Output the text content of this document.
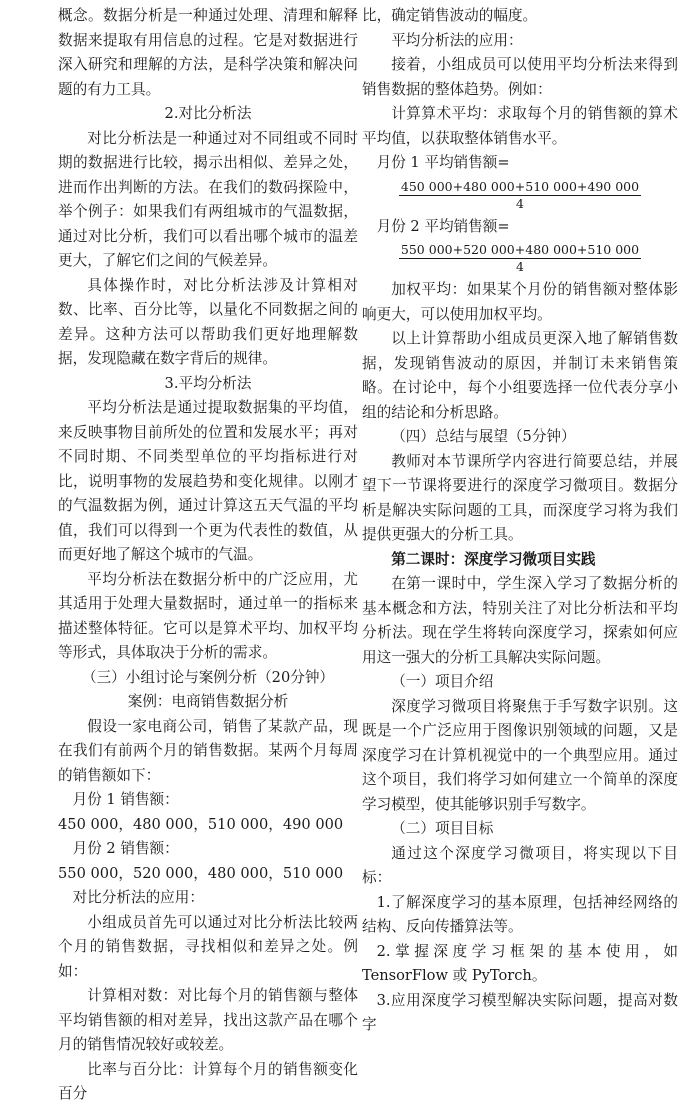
概念。数据分析是一种通过处理、清理和解释数据来提取有用信息的过程。它是对数据进行深入研究和理解的方法，是科学决策和解决问题的有力工具。

2.对比分析法

对比分析法是一种通过对不同组或不同时期的数据进行比较，揭示出相似、差异之处，进而作出判断的方法。在我们的数码探险中，举个例子：如果我们有两组城市的气温数据，通过对比分析，我们可以看出哪个城市的温差更大，了解它们之间的气候差异。

具体操作时，对比分析法涉及计算相对数、比率、百分比等，以量化不同数据之间的差异。这种方法可以帮助我们更好地理解数据，发现隐藏在数字背后的规律。

3.平均分析法

平均分析法是通过提取数据集的平均值，来反映事物目前所处的位置和发展水平；再对不同时期、不同类型单位的平均指标进行对比，说明事物的发展趋势和变化规律。以刚才的气温数据为例，通过计算这五天气温的平均值，我们可以得到一个更为代表性的数值，从而更好地了解这个城市的气温。

平均分析法在数据分析中的广泛应用，尤其适用于处理大量数据时，通过单一的指标来描述整体特征。它可以是算术平均、加权平均等形式，具体取决于分析的需求。

（三）小组讨论与案例分析（20分钟）

案例：电商销售数据分析

假设一家电商公司，销售了某款产品，现在我们有前两个月的销售数据。某两个月每周的销售额如下：

月份 1 销售额：

450 000，480 000，510 000，490 000

月份 2 销售额：

550 000，520 000，480 000，510 000

对比分析法的应用：

小组成员首先可以通过对比分析法比较两个月的销售数据，寻找相似和差异之处。例如：

计算相对数：对比每个月的销售额与整体平均销售额的相对差异，找出这款产品在哪个月的销售情况较好或较差。

比率与百分比：计算每个月的销售额变化百分

比，确定销售波动的幅度。

平均分析法的应用：

接着，小组成员可以使用平均分析法来得到销售数据的整体趋势。例如：

计算算术平均：求取每个月的销售额的算术平均值，以获取整体销售水平。

月份 1 平均销售额=

$\frac{450 000+480 000+510 000+490 000}{4}$

月份 2 平均销售额=

$\frac{550 000+520 000+480 000+510 000}{4}$

加权平均：如果某个月份的销售额对整体影响更大，可以使用加权平均。

以上计算帮助小组成员更深入地了解销售数据，发现销售波动的原因，并制订未来销售策略。在讨论中，每个小组要选择一位代表分享小组的结论和分析思路。

（四）总结与展望（5分钟）

教师对本节课所学内容进行简要总结，并展望下一节课将要进行的深度学习微项目。数据分析是解决实际问题的工具，而深度学习将为我们提供更强大的分析工具。

第二课时：深度学习微项目实践

在第一课时中，学生深入学习了数据分析的基本概念和方法，特别关注了对比分析法和平均分析法。现在学生将转向深度学习，探索如何应用这一强大的分析工具解决实际问题。

（一）项目介绍

深度学习微项目将聚焦于手写数字识别。这既是一个广泛应用于图像识别领域的问题，又是深度学习在计算机视觉中的一个典型应用。通过这个项目，我们将学习如何建立一个简单的深度学习模型，使其能够识别手写数字。

（二）项目目标

通过这个深度学习微项目，将实现以下目标：

1.了解深度学习的基本原理，包括神经网络的结构、反向传播算法等。

2.掌握深度学习框架的基本使用，如 TensorFlow 或 PyTorch。

3.应用深度学习模型解决实际问题，提高对数字
